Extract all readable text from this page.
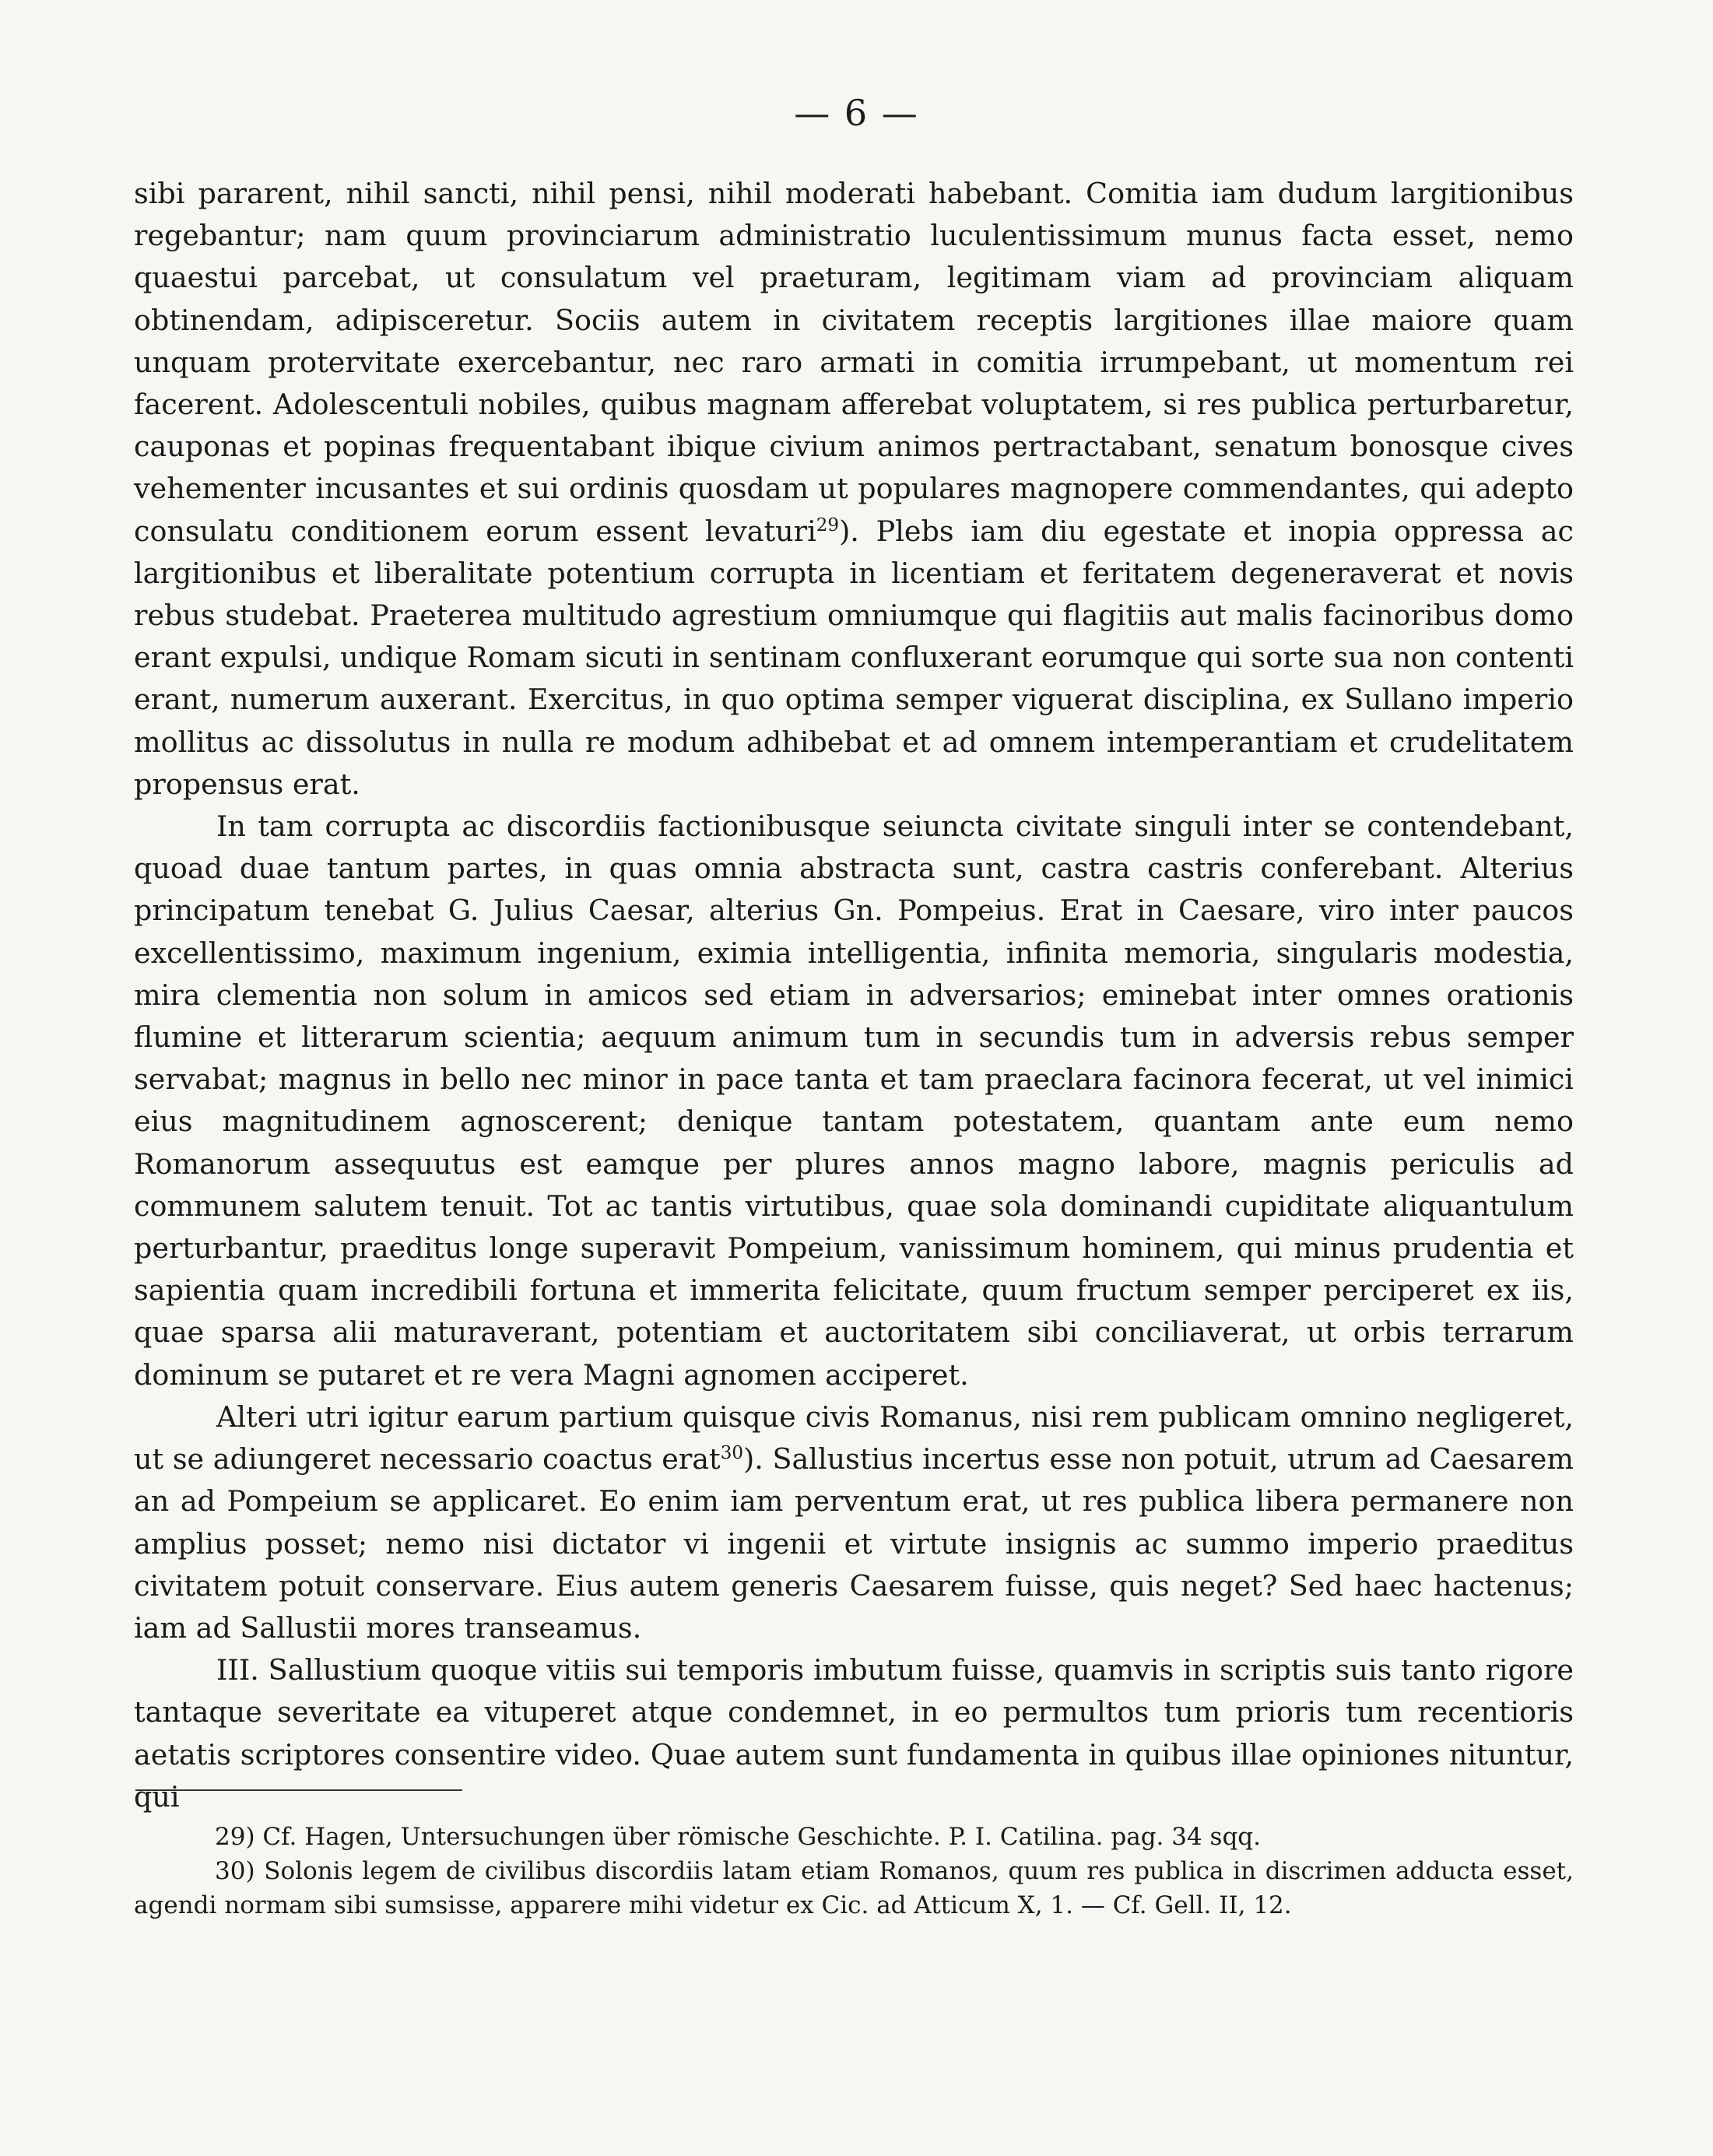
— 6 —

sibi pararent, nihil sancti, nihil pensi, nihil moderati habebant. Comitia iam dudum largitionibus regebantur; nam quum provinciarum administratio luculentissimum munus facta esset, nemo quaestui parcebat, ut consulatum vel praeturam, legitimam viam ad provinciam aliquam obtinendam, adipisceretur. Sociis autem in civitatem receptis largitiones illae maiore quam unquam protervitate exercebantur, nec raro armati in comitia irrumpebant, ut momentum rei facerent. Adolescentuli nobiles, quibus magnam afferebat voluptatem, si res publica perturbaretur, cauponas et popinas frequentabant ibique civium animos pertractabant, senatum bonosque cives vehementer incusantes et sui ordinis quosdam ut populares magnopere commendantes, qui adepto consulatu conditionem eorum essent levaturi$^{29}$). Plebs iam diu egestate et inopia oppressa ac largitionibus et liberalitate potentium corrupta in licentiam et feritatem degeneraverat et novis rebus studebat. Praeterea multitudo agrestium omniumque qui flagitiis aut malis facinoribus domo erant expulsi, undique Romam sicuti in sentinam confluxerant eorumque qui sorte sua non contenti erant, numerum auxerant. Exercitus, in quo optima semper viguerat disciplina, ex Sullano imperio mollitus ac dissolutus in nulla re modum adhibebat et ad omnem intemperantiam et crudelitatem propensus erat.

In tam corrupta ac discordiis factionibusque seiuncta civitate singuli inter se contendebant, quoad duae tantum partes, in quas omnia abstracta sunt, castra castris conferebant. Alterius principatum tenebat G. Julius Caesar, alterius Gn. Pompeius. Erat in Caesare, viro inter paucos excellentissimo, maximum ingenium, eximia intelligentia, infinita memoria, singularis modestia, mira clementia non solum in amicos sed etiam in adversarios; eminebat inter omnes orationis flumine et litterarum scientia; aequum animum tum in secundis tum in adversis rebus semper servabat; magnus in bello nec minor in pace tanta et tam praeclara facinora fecerat, ut vel inimici eius magnitudinem agnoscerent; denique tantam potestatem, quantam ante eum nemo Romanorum assequutus est eamque per plures annos magno labore, magnis periculis ad communem salutem tenuit. Tot ac tantis virtutibus, quae sola dominandi cupiditate aliquantulum perturbantur, praeditus longe superavit Pompeium, vanissimum hominem, qui minus prudentia et sapientia quam incredibili fortuna et immerita felicitate, quum fructum semper perciperet ex iis, quae sparsa alii maturaverant, potentiam et auctoritatem sibi conciliaverat, ut orbis terrarum dominum se putaret et re vera Magni agnomen acciperet.

Alteri utri igitur earum partium quisque civis Romanus, nisi rem publicam omnino negligeret, ut se adiungeret necessario coactus erat$^{30}$). Sallustius incertus esse non potuit, utrum ad Caesarem an ad Pompeium se applicaret. Eo enim iam perventum erat, ut res publica libera permanere non amplius posset; nemo nisi dictator vi ingenii et virtute insignis ac summo imperio praeditus civitatem potuit conservare. Eius autem generis Caesarem fuisse, quis neget? Sed haec hactenus; iam ad Sallustii mores transeamus.

III. Sallustium quoque vitiis sui temporis imbutum fuisse, quamvis in scriptis suis tanto rigore tantaque severitate ea vituperet atque condemnet, in eo permultos tum prioris tum recentioris aetatis scriptores consentire video. Quae autem sunt fundamenta in quibus illae opiniones nituntur, qui

29) Cf. Hagen, Untersuchungen über römische Geschichte. P. I. Catilina. pag. 34 sqq.

30) Solonis legem de civilibus discordiis latam etiam Romanos, quum res publica in discrimen adducta esset, agendi normam sibi sumsisse, apparere mihi videtur ex Cic. ad Atticum X, 1. — Cf. Gell. II, 12.
